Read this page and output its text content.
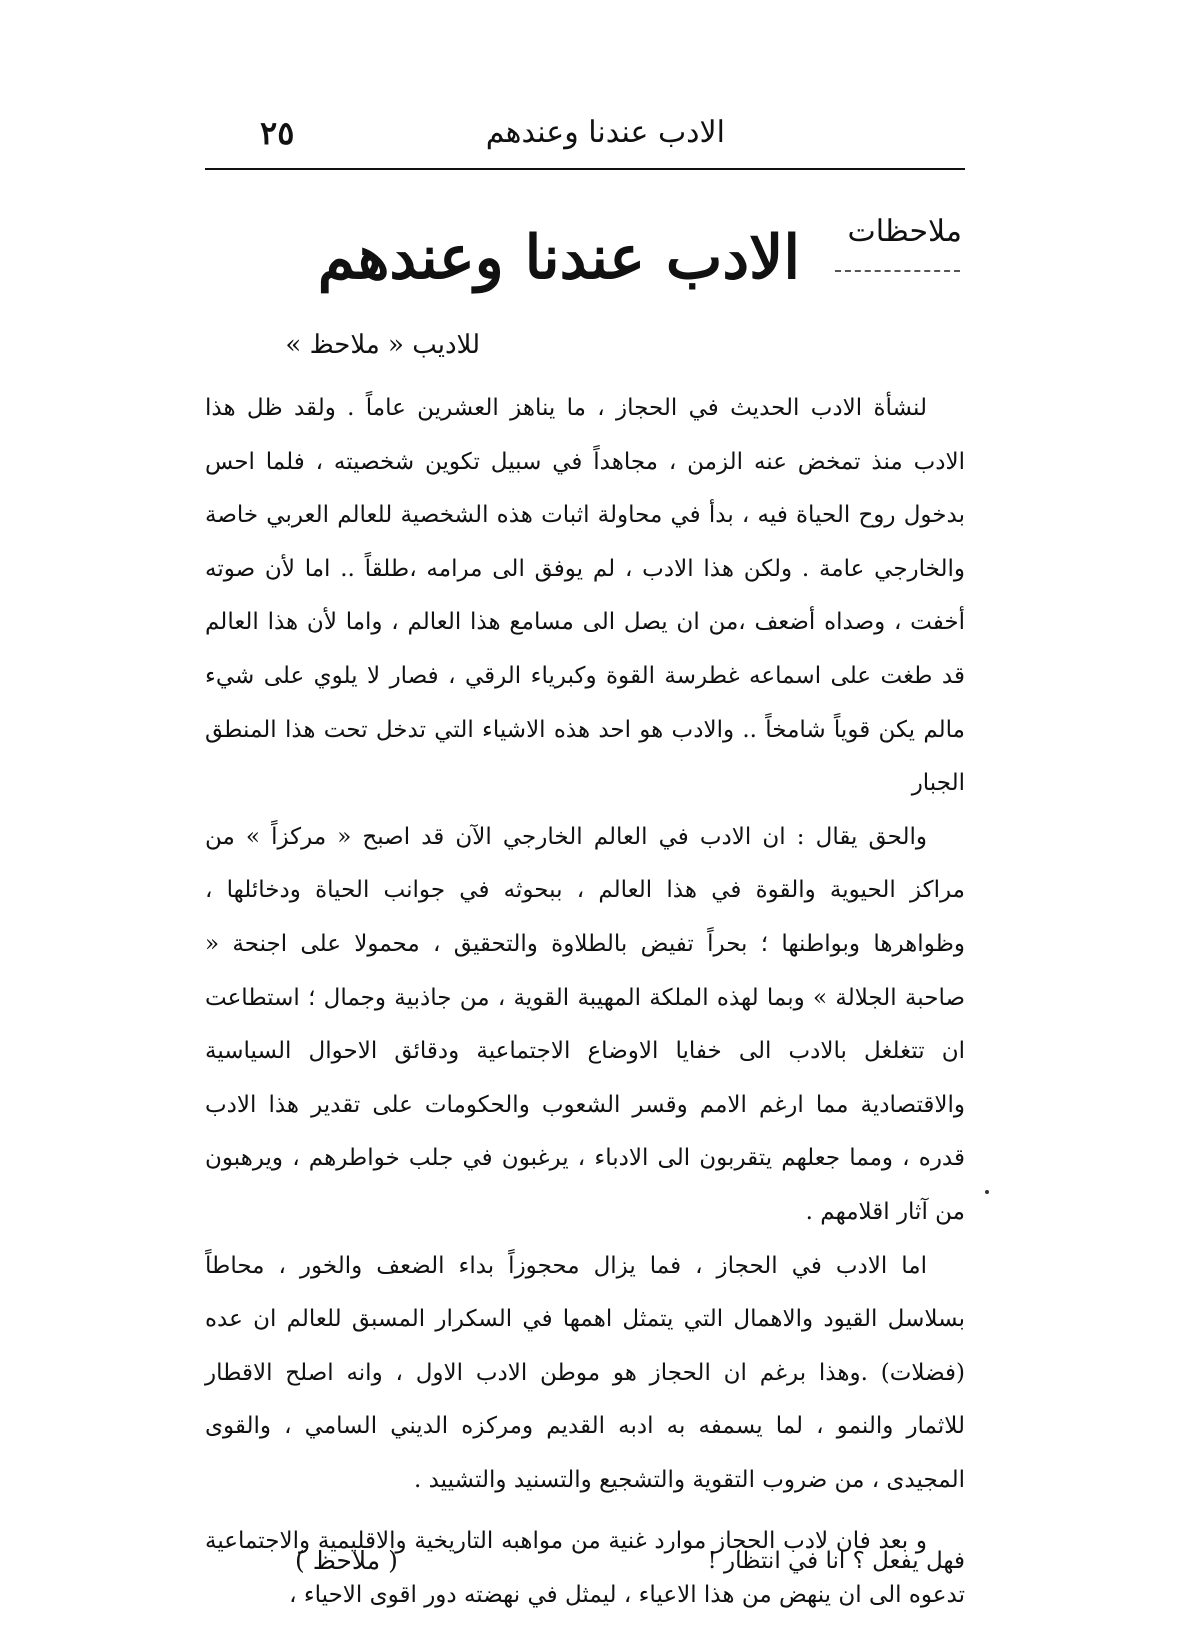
الادب عندنا وعندهم
٢٥
ملاحظات
الادب عندنا وعندهم
للاديب « ملاحظ »

لنشأة الادب الحديث في الحجاز ، ما يناهز العشرين عاماً . ولقد ظل هذا الادب منذ تمخض عنه الزمن ، مجاهداً في سبيل تكوين شخصيته ، فلما احس بدخول روح الحياة فيه ، بدأ في محاولة اثبات هذه الشخصية للعالم العربي خاصة والخارجي عامة . ولكن هذا الادب ، لم يوفق الى مرامه ،طلقاً .. اما لأن صوته أخفت ، وصداه أضعف ،من ان يصل الى مسامع هذا العالم ، واما لأن هذا العالم قد طغت على اسماعه غطرسة القوة وكبرياء الرقي ، فصار لا يلوي على شيء مالم يكن قوياً شامخاً .. والادب هو احد هذه الاشياء التي تدخل تحت هذا المنطق الجبار

والحق يقال : ان الادب في العالم الخارجي الآن قد اصبح « مركزاً » من مراكز الحيوية والقوة في هذا العالم ، ببحوثه في جوانب الحياة ودخائلها ، وظواهرها وبواطنها ؛ بحراً تفيض بالطلاوة والتحقيق ، محمولا على اجنحة « صاحبة الجلالة » وبما لهذه الملكة المهيبة القوية ، من جاذبية وجمال ؛ استطاعت ان تتغلغل بالادب الى خفايا الاوضاع الاجتماعية ودقائق الاحوال السياسية والاقتصادية مما ارغم الامم وقسر الشعوب والحكومات على تقدير هذا الادب قدره ، ومما جعلهم يتقربون الى الادباء ، يرغبون في جلب خواطرهم ، ويرهبون من آثار اقلامهم .

اما الادب في الحجاز ، فما يزال محجوزاً بداء الضعف والخور ، محاطاً بسلاسل القيود والاهمال التي يتمثل اهمها في السكرار المسبق للعالم ان عده (فضلات) .وهذا برغم ان الحجاز هو موطن الادب الاول ، وانه اصلح الاقطار للاثمار والنمو ، لما يسمفه به ادبه القديم ومركزه الديني السامي ، والقوى المجيدى ، من ضروب التقوية والتشجيع والتسنيد والتشييد .

و بعد فان لادب الحجاز موارد غنية من مواهبه التاريخية والاقليمية والاجتماعية تدعوه الى ان ينهض من هذا الاعياء ، ليمثل في نهضته دور اقوى الاحياء ،

فهل يفعل ؟ انا في انتظار !
( ملاحظ )
